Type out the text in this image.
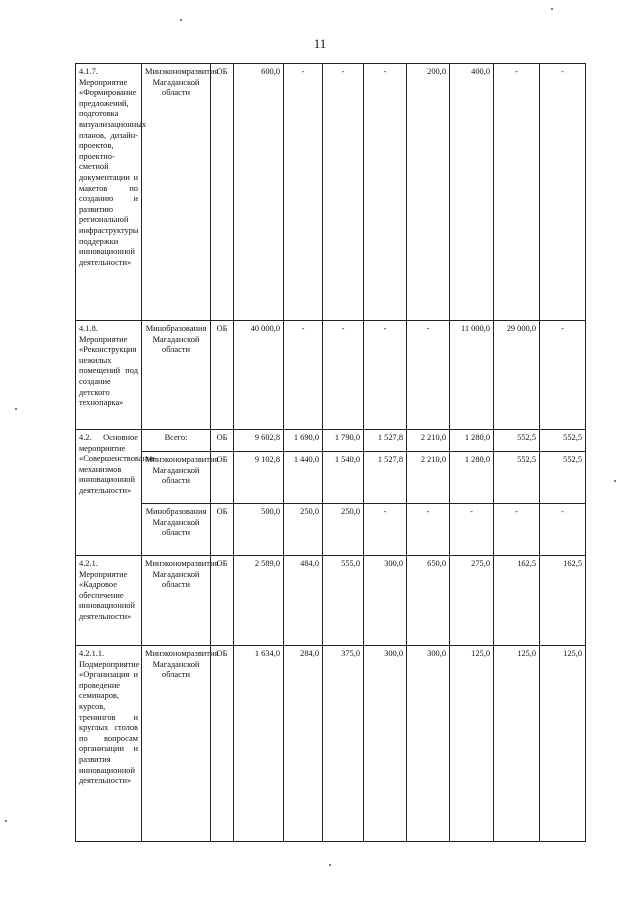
11
4.1.7. Мероприятие «Формирование предложений, подготовка визуализационных планов, дизайн-проектов, проектно-сметной документации и макетов по созданию и развитию региональной инфраструктуры поддержки инновационной деятельности»	Минэкономразвития Магаданской области	ОБ	600,0	-	-	-	200,0	400,0	-	-
4.1.8. Мероприятие «Реконструкция нежилых помещений под создание детского технопарка»	Минобразования Магаданской области	ОБ	40 000,0	-	-	-	-	11 000,0	29 000,0	-
4.2. Основное мероприятие «Совершенствование механизмов инновационной деятельности»	Всего:	ОБ	9 602,8	1 690,0	1 790,0	1 527,8	2 210,0	1 280,0	552,5	552,5
	Минэкономразвития Магаданской области	ОБ	9 102,8	1 440,0	1 540,0	1 527,8	2 210,0	1 280,0	552,5	552,5
	Минобразования Магаданской области	ОБ	500,0	250,0	250,0	-	-	-	-	-
4.2.1. Мероприятие «Кадровое обеспечение инновационной деятельности»	Минэкономразвития Магаданской области	ОБ	2 589,0	484,0	555,0	300,0	650,0	275,0	162,5	162,5
4.2.1.1. Подмероприятие «Организация и проведение семинаров, курсов, тренингов и круглых столов по вопросам организации и развития инновационной деятельности»	Минэкономразвития Магаданской области	ОБ	1 634,0	284,0	375,0	300,0	300,0	125,0	125,0	125,0
